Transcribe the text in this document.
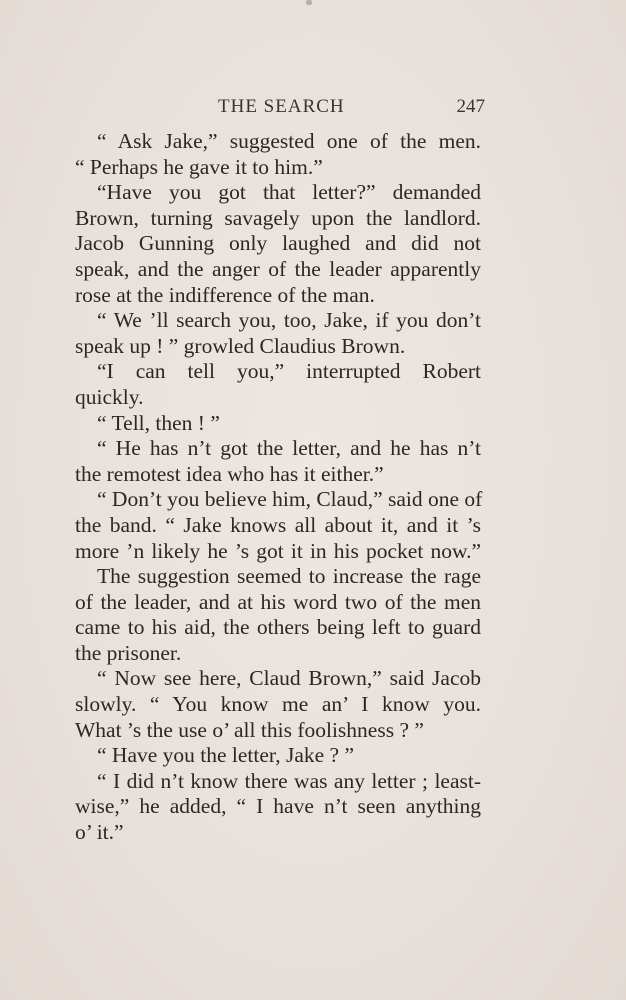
THE SEARCH	247
“ Ask Jake,” suggested one of the men.
“ Perhaps he gave it to him.”
“Have you got that letter?” demanded
Brown, turning savagely upon the landlord.
Jacob Gunning only laughed and did not
speak, and the anger of the leader apparently
rose at the indifference of the man.
“ We ’ll search you, too, Jake, if you don’t
speak up ! ” growled Claudius Brown.
“I can tell you,” interrupted Robert
quickly.
“ Tell, then ! ”
“ He has n’t got the letter, and he has n’t
the remotest idea who has it either.”
“ Don’t you believe him, Claud,” said one of
the band. “ Jake knows all about it, and it ’s
more ’n likely he ’s got it in his pocket now.”
The suggestion seemed to increase the rage
of the leader, and at his word two of the men
came to his aid, the others being left to guard
the prisoner.
“ Now see here, Claud Brown,” said Jacob
slowly. “ You know me an’ I know you.
What ’s the use o’ all this foolishness ? ”
“ Have you the letter, Jake ? ”
“ I did n’t know there was any letter ; least-
wise,” he added, “ I have n’t seen anything
o’ it.”
